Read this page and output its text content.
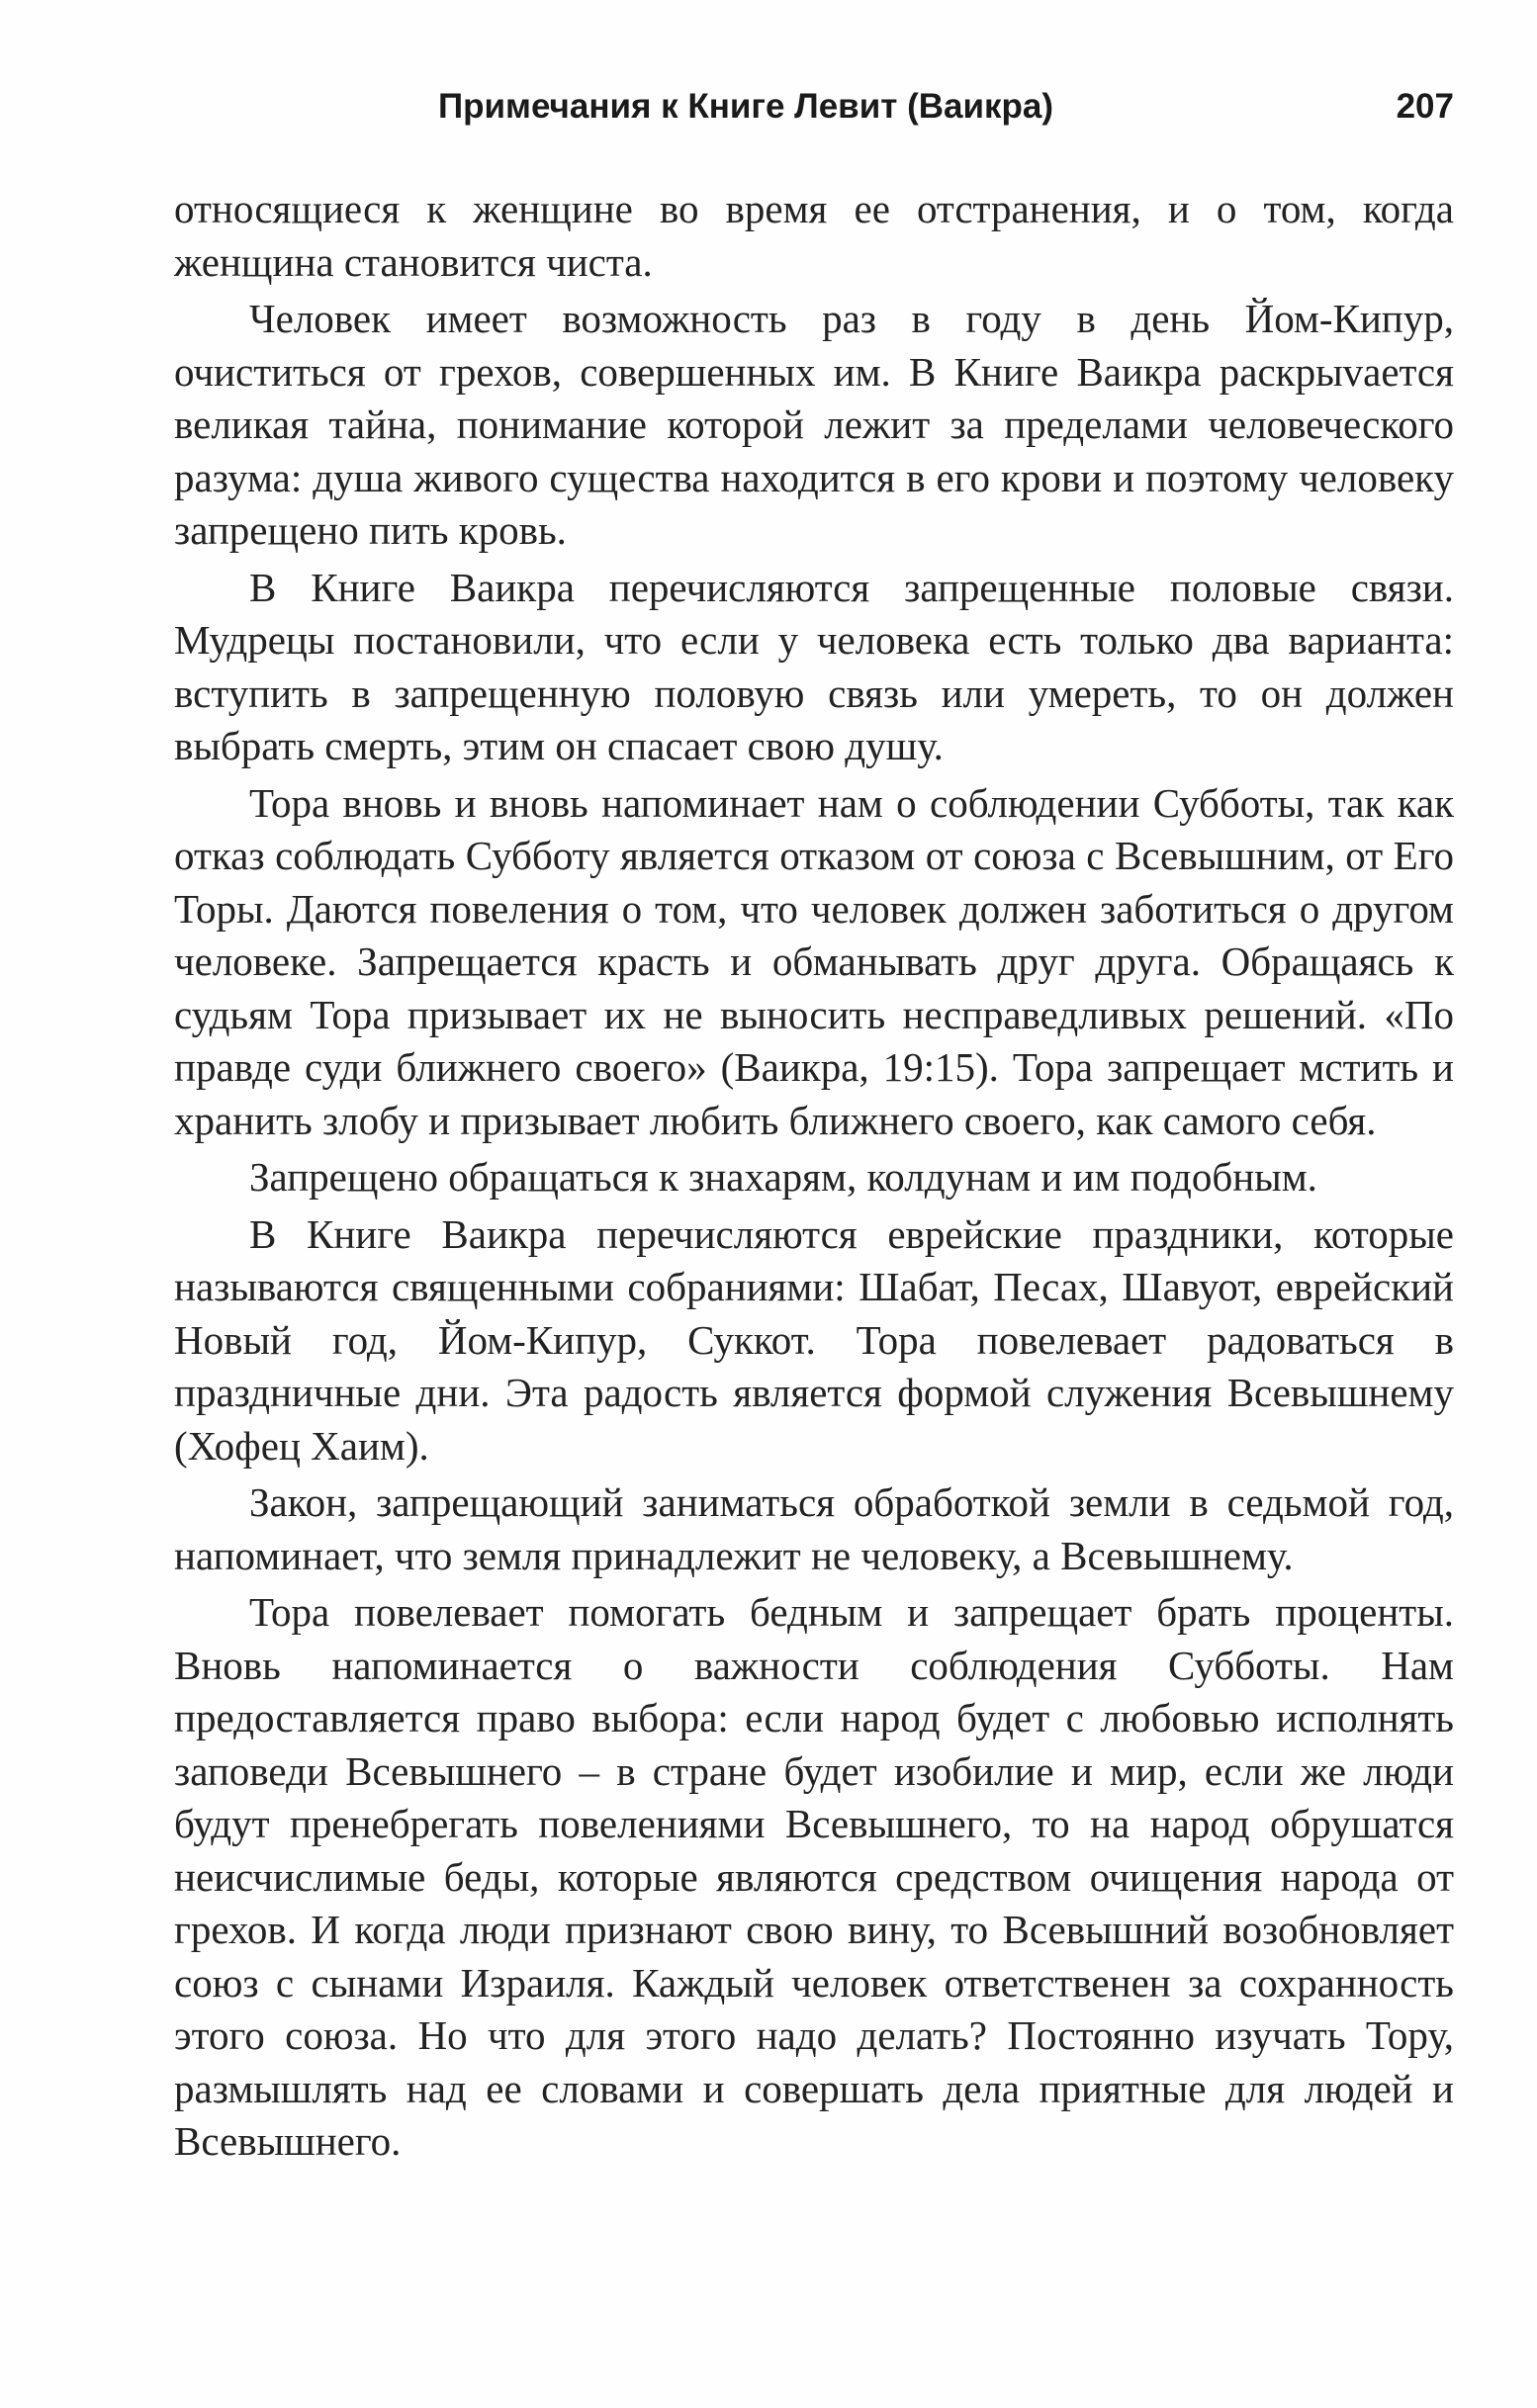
Примечания к Книге Левит (Ваикра)	207

относящиеся к женщине во время ее отстранения, и о том, когда женщина становится чиста.

Человек имеет возможность раз в году в день Йом-Кипур, очиститься от грехов, совершенных им. В Книге Ваикра раскрыvается великая тайна, понимание которой лежит за пределами человеческого разума: душа живого существа находится в его крови и поэтому человеку запрещено пить кровь.

В Книге Ваикра перечисляются запрещенные половые связи. Мудрецы постановили, что если у человека есть только два варианта: вступить в запрещенную половую связь или умереть, то он должен выбрать смерть, этим он спасает свою душу.

Тора вновь и вновь напоминает нам о соблюдении Субботы, так как отказ соблюдать Субботу является отказом от союза с Всевышним, от Его Торы. Даются повеления о том, что человек должен заботиться о другом человеке. Запрещается красть и обманывать друг друга. Обращаясь к судьям Тора призывает их не выносить несправедливых решений. «По правде суди ближнего своего» (Ваикра, 19:15). Тора запрещает мстить и хранить злобу и призывает любить ближнего своего, как самого себя.

Запрещено обращаться к знахарям, колдунам и им подобным.

В Книге Ваикра перечисляются еврейские праздники, которые называются священными собраниями: Шабат, Песах, Шавуот, еврейский Новый год, Йом-Кипур, Суккот. Тора повелевает радоваться в праздничные дни. Эта радость является формой служения Всевышнему (Хофец Хаим).

Закон, запрещающий заниматься обработкой земли в седьмой год, напоминает, что земля принадлежит не человеку, а Всевышнему.

Тора повелевает помогать бедным и запрещает брать проценты. Вновь напоминается о важности соблюдения Субботы. Нам предоставляется право выбора: если народ будет с любовью исполнять заповеди Всевышнего – в стране будет изобилие и мир, если же люди будут пренебрегать повелениями Всевышнего, то на народ обрушатся неисчислимые беды, которые являются средством очищения народа от грехов. И когда люди признают свою вину, то Всевышний возобновляет союз с сынами Израиля. Каждый человек ответственен за сохранность этого союза. Но что для этого надо делать? Постоянно изучать Тору, размышлять над ее словами и совершать дела приятные для людей и Всевышнего.
